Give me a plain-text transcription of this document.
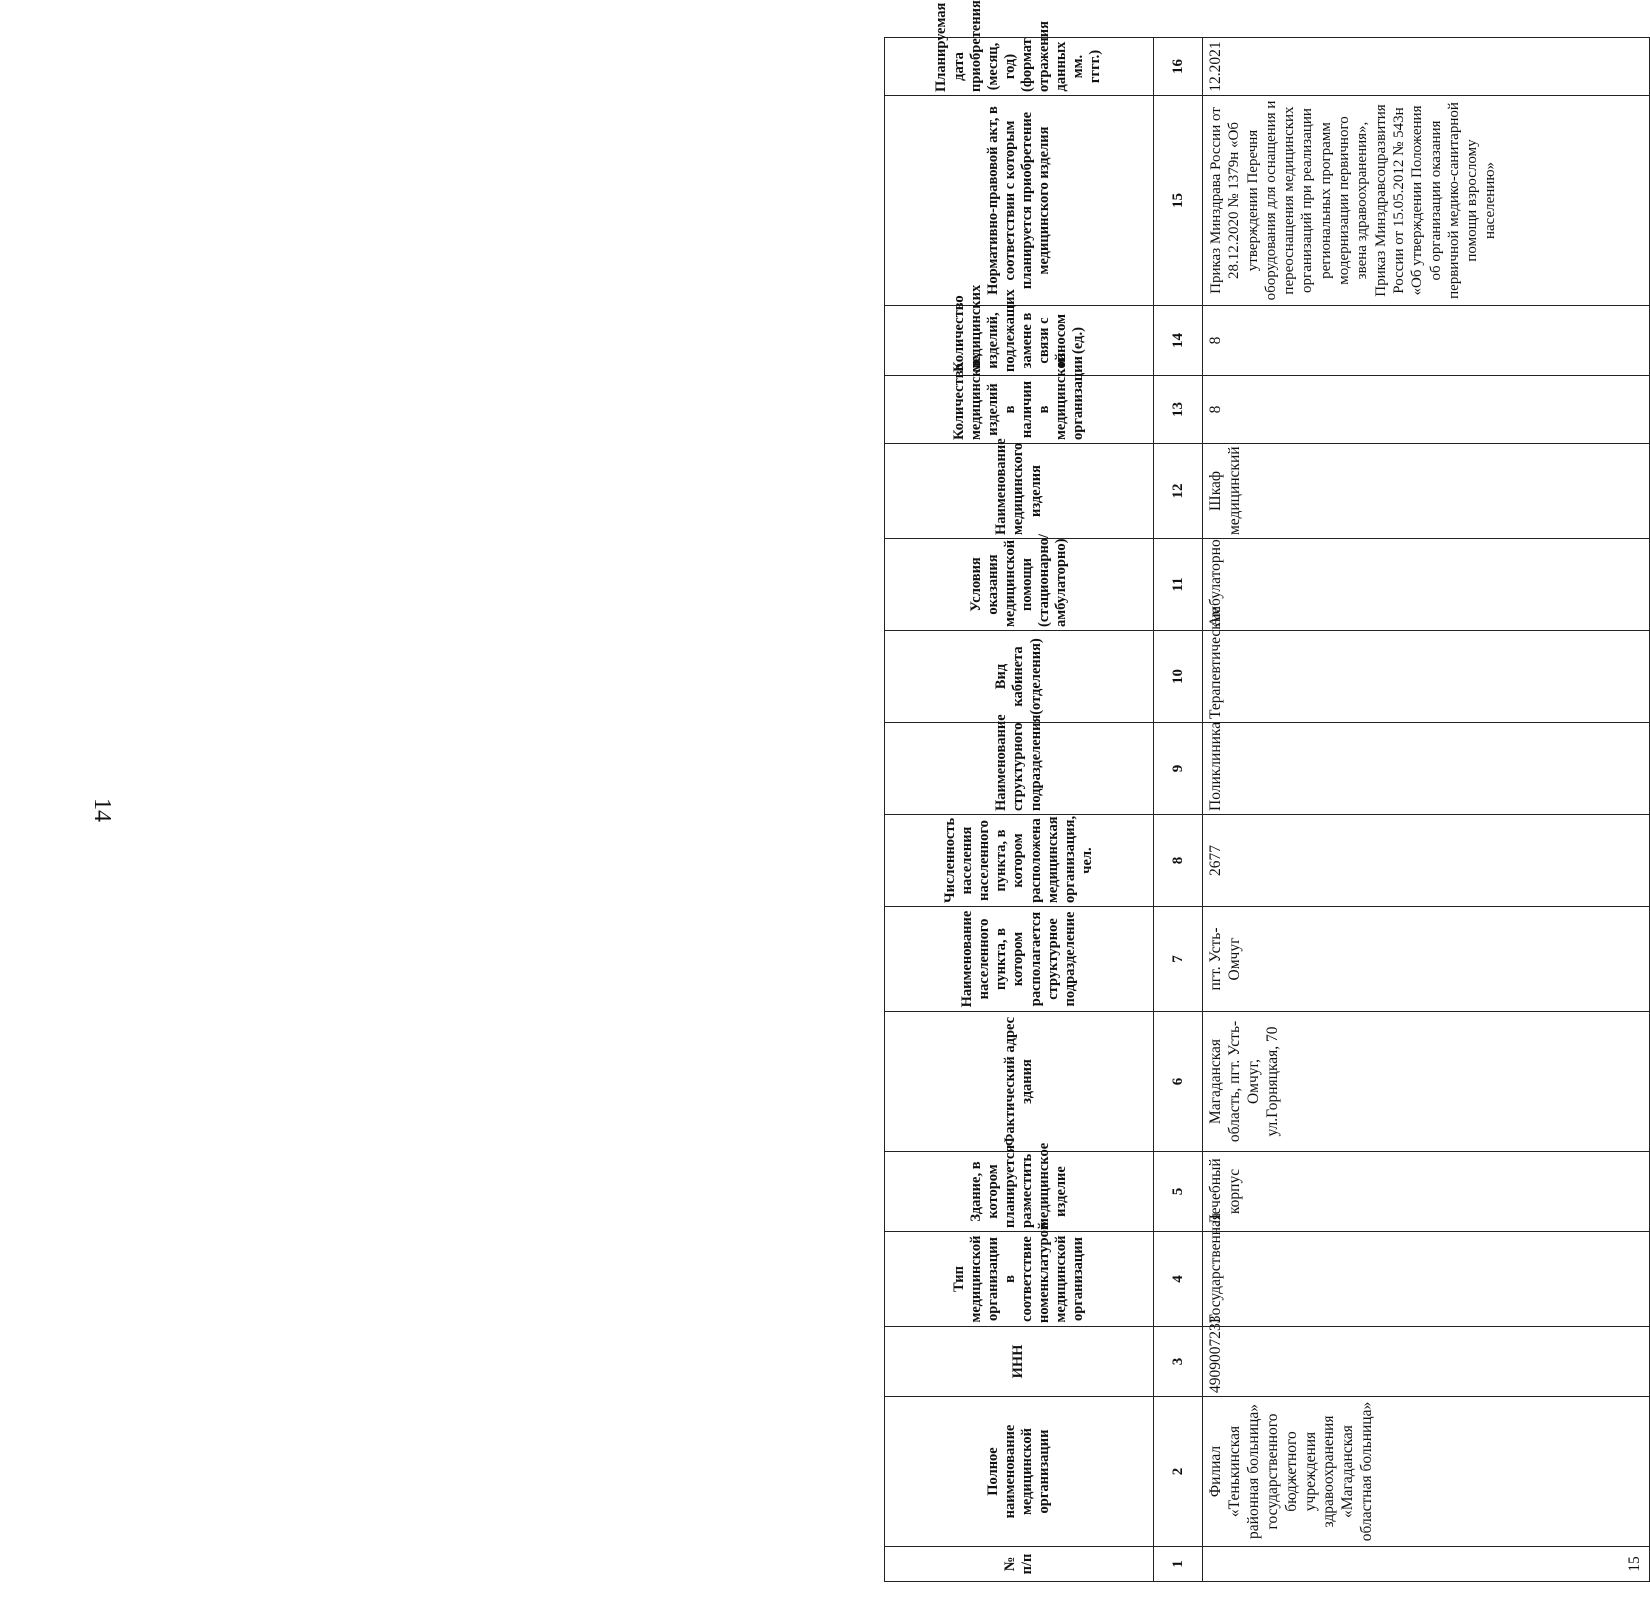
14
№ п/п	Полное наименование медицинской организации	ИНН	Тип медицинской организации в соответствие номенклатурой медицинской организации	Здание, в котором планируется разместить медицинское изделие	Фактический адрес здания	Наименование населенного пункта, в котором располагается структурное подразделение	Численность населения населенного пункта, в котором расположена медицинская организация, чел.	Наименование структурного подразделения	Вид кабинета (отделения)	Условия оказания медицинской помощи (стационарно/амбулаторно)	Наименование медицинского изделия	Количество медицинских изделий в наличии в медицинской организации	Количество медицинских изделий, подлежащих замене в связи с износом (ед.)	Нормативно-правовой акт, в соответствии с которым планируется приобретение медицинского изделия	Планируемая дата приобретения (месяц, год) (формат отражения данных мм. гггг.)
1	2	3	4	5	6	7	8	9	10	11	12	13	14	15	16
15	Филиал «Тенькинская районная больница» государственного бюджетного учреждения здравоохранения «Магаданская областная больница»	4909007233	Государственная	Лечебный корпус	Магаданская область, пгт. Усть-Омчуг, ул.Горняцкая, 70	пгт. Усть-Омчуг	2677	Поликлиника	Терапевтические	Амбулаторно	Шкаф медицинский	8	8	Приказ Минздрава России от 28.12.2020 № 1379н «Об утверждении Перечня оборудования для оснащения и переоснащения медицинских организаций при реализации региональных программ модернизации первичного звена здравоохранения», Приказ Минздравсоцразвития России от 15.05.2012 № 543н «Об утверждении Положения об организации оказания первичной медико-санитарной помощи взрослому населению»	12.2021
